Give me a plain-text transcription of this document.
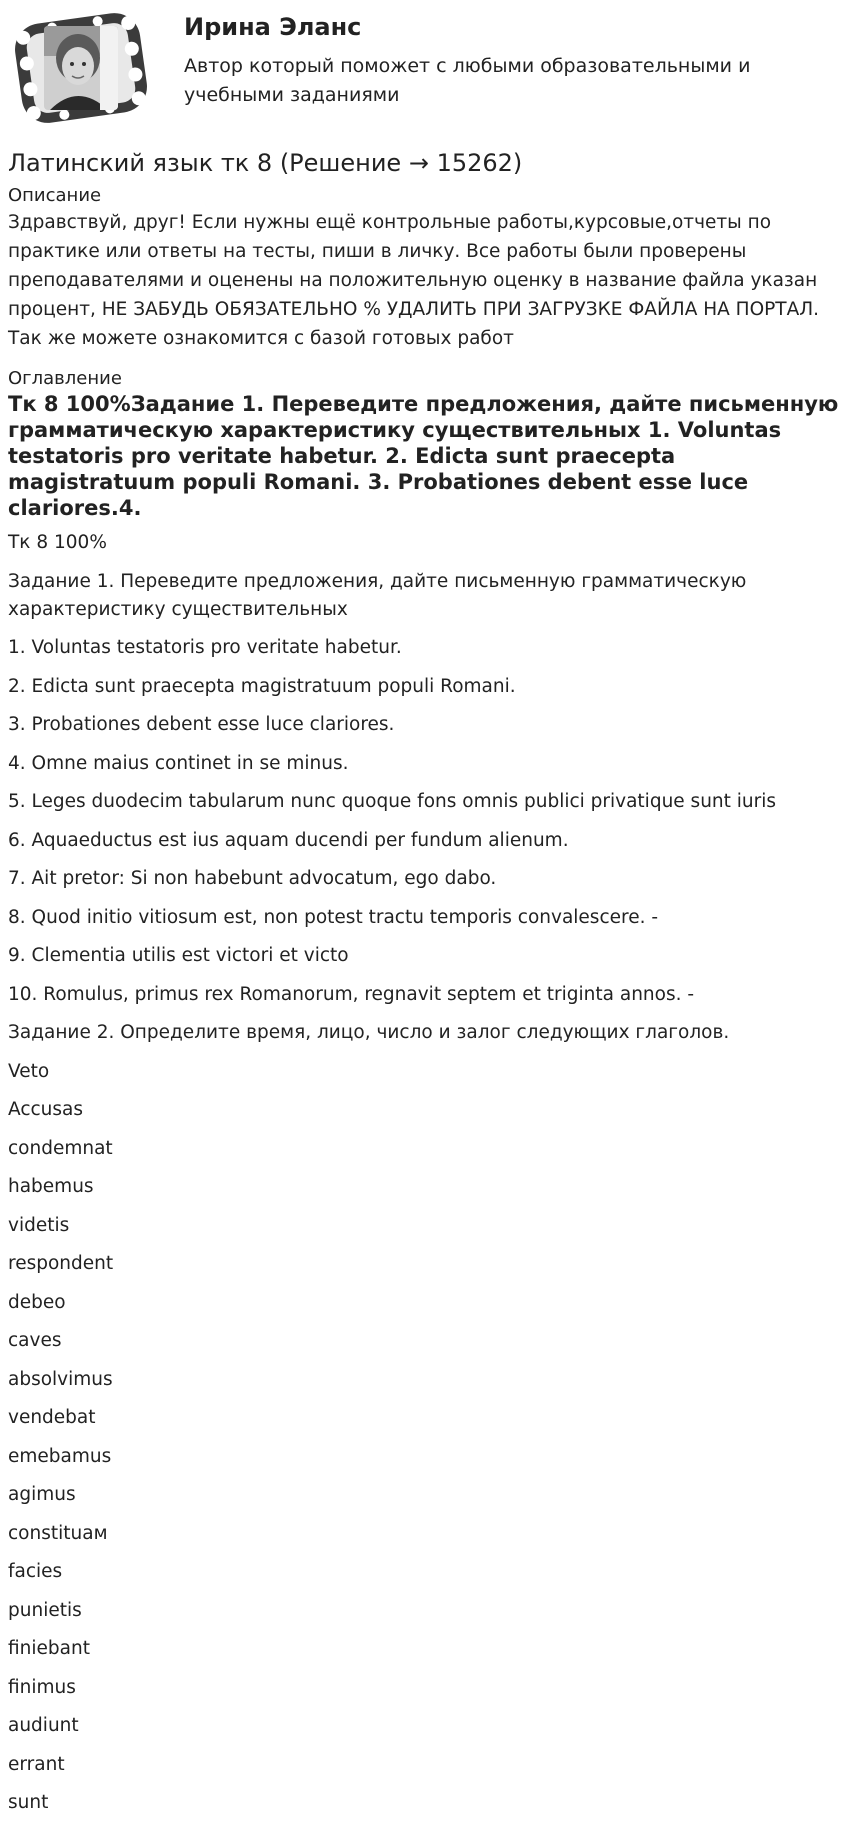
Ирина Эланс
Автор который поможет с любыми образовательными и учебными заданиями
Латинский язык тк 8 (Решение → 15262)

Описание

Здравствуй, друг! Если нужны ещё контрольные работы,курсовые,отчеты по практике или ответы на тесты, пиши в личку. Все работы были проверены преподавателями и оценены на положительную оценку в название файла указан процент, НЕ ЗАБУДЬ ОБЯЗАТЕЛЬНО % УДАЛИТЬ ПРИ ЗАГРУЗКЕ ФАЙЛА НА ПОРТАЛ. Так же можете ознакомится с базой готовых работ

Оглавление

Тк 8 100%Задание 1. Переведите предложения, дайте письменную грамматическую характеристику существительных 1. Voluntas testatoris pro veritate habetur. 2. Edicta sunt praecepta magistratuum populi Romani. 3. Probationes debent esse luce clariores.4.

Тк 8 100%

Задание 1. Переведите предложения, дайте письменную грамматическую характеристику существительных

1. Voluntas testatoris pro veritate habetur.

2. Edicta sunt praecepta magistratuum populi Romani.

3. Probationes debent esse luce clariores.

4. Omne maius continet in se minus.

5. Leges duodecim tabularum nunc quoque fons omnis publici privatique sunt iuris

6. Aquaeductus est ius aquam ducendi per fundum alienum.

7. Ait pretor: Si non habebunt advocatum, ego dabo.

8. Quod initio vitiosum est, non potest tractu temporis convalescere. -

9. Clementia utilis est victori et victo

10. Romulus, primus rex Romanorum, regnavit septem et triginta annos. -

Задание 2. Определите время, лицо, число и залог следующих глаголов.

Veto

Accusas

condemnat

habemus

videtis

respondent

debeo

caves

absolvimus

vendebat

emebamus

agimus

constituам

facies

punietis

finiebant

finimus

audiunt

errant

sunt
